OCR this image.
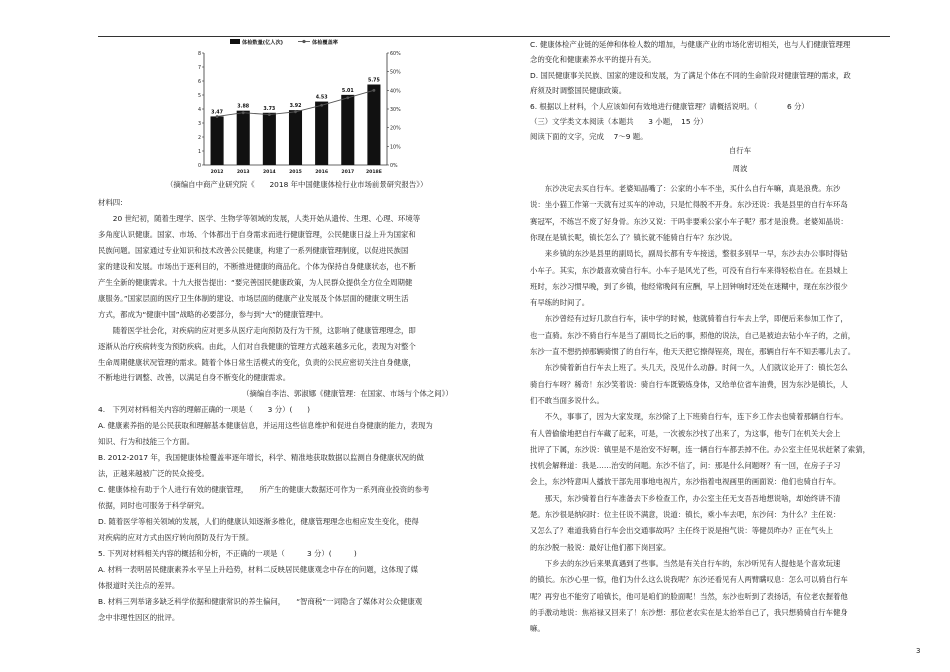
0
1
2
3
4
5
6
7
8
0%
10%
20%
30%
40%
50%
60%
3.47
2012
3.88
2013
3.73
2014
3.92
2015
4.53
2016
5.01
2017
5.75
2018E
体检数量(亿人次)	体检覆盖率
（摘编自中商产业研究院《　　2018 年中国健康体检行业市场前景研究报告》）
材料四:
　　20 世纪初，随着生理学、医学、生物学等领域的发展，人类开始从遗传、生理、心理、环境等
多角度认识健康。国家、市场、个体都出于自身需求而进行健康管理，公民健康日益上升为国家和
民族问题。国家通过专业知识和技术改善公民健康，构建了一系列健康管理制度，以促进民族国
家的建设和发展。市场出于逐利目的，不断推进健康的商品化。个体为保持自身健康状态，也不断
产生全新的健康需求。十九大报告提出：“要完善国民健康政策，为人民群众提供全方位全周期健
康服务。”国家层面的医疗卫生体制的建设、市场层面的健康产业发展及个体层面的健康文明生活
方式，都成为“健康中国”战略的必要部分，参与到“大”的健康管理中。
　　随着医学社会化，对疾病的应对更多从医疗走向预防及行为干预，这影响了健康管理理念，即
逐渐从治疗疾病转变为预防疾病。由此，人们对自我健康的管理方式越来越多元化，表现为对整个
生命周期健康状况管理的需求。随着个体日常生活模式的变化，负责的公民应密切关注自身健康，
不断地进行调整、改善，以满足自身不断变化的健康需求。
　　　　　　　　　　　　　　　　　　　　（摘编自李洁、郭淑娜《健康管理：在国家、市场与个体之间》）
4.　下列对材料相关内容的理解正确的一项是（　　3 分）(　　)
A. 健康素养指的是公民获取和理解基本健康信息，并运用这些信息维护和促进自身健康的能力，表现为
知识、行为和技能三个方面。
B. 2012-2017 年，我国健康体检覆盖率逐年增长，科学、精准地获取数据以监测自身健康状况的做
法，正越来越被广泛的民众接受。
C. 健康体检有助于个人进行有效的健康管理，　　所产生的健康大数据还可作为一系列商业投资的参考
依据，同时也可服务于科学研究。
D. 随着医学等相关领域的发展，人们的健康认知逐渐多维化，健康管理理念也相应发生变化，使得
对疾病的应对方式由医疗转向预防及行为干预。
5. 下列对材料相关内容的概括和分析，不正确的一项是（　　　3 分）(　　　)
A. 材料一表明居民健康素养水平呈上升趋势，材料二反映居民健康观念中存在的问题，这体现了媒
体报道时关注点的差异。
B. 材料三列举诸多缺乏科学依据和健康常识的养生偏问，　　“智商税”一词隐含了媒体对公众健康观
念中非理性因区的批评。
C. 健康体检产业链的延伸和体检人数的增加，与健康产业的市场化密切相关，也与人们健康管理理
念的变化和健康素养水平的提升有关。
D. 国民健康事关民族、国家的建设和发展，为了满足个体在不同的生命阶段对健康管理的需求，政
府须及时调整国民健康政策。
6. 根据以上材料，个人应该如何有效地进行健康管理？请概括说明。（　　　　6 分）
（三）文学类文本阅读（本题共　　3 小题，　15 分）
阅读下面的文字，完成　 7～9 题。
自行车
周波
　　东沙决定去买自行车。老婆知晶嘴了：公家的小车不坐，买什么自行车嘛，真是浪费。东沙
说：坐小猫工作第一天就有过买车的冲动，只是忙得脱不开身。东沙还说：我是县里的自行车环岛
赛冠军，不练岂不废了好身骨。东沙又说：干吗非要乘公家小车子呢？那才是浪费。老婆知晶说：
你现在是镇长呢，镇长怎么了？镇长就不能骑自行车？东沙说。
　　来乡镇的东沙是县里的副局长，副局长都有专车接送，整很多别早一早，东沙去办公事时得钻
小车子。其实，东沙最喜欢骑自行车。小车子是风光了些，可没有自行车来得轻松自在。在县城上
班时，东沙习惯早晚，到了乡镇，他经常晚间有应酬，早上回钟响时还处在迷糊中，现在东沙很少
有早练的时间了。
　　东沙曾经有过好几款自行车，读中学的时候，他就骑着自行车去上学，即便后来参加工作了，
也一直骑。东沙不骑自行车是当了副局长之后的事，照他的说法，自己是被迫去钻小车子的，之前，
东沙一直不想扔掉那辆骑惯了的自行车，他天天把它擦得锃亮，现在，那辆自行车不知丢哪儿去了。
　　东沙骑着新自行车去上班了。头几天，没见什么动静。时间一久，人们就议论开了：镇长怎么
骑自行车呀？稀奇！东沙笑着说：骑自行车既锻炼身体，又给单位省车油费，因为东沙是镇长，人
们不敢当面多说什么。
　　不久，事事了，因为大家发现，东沙除了上下班骑自行车，连下乡工作去也骑着那辆自行车。
有人曾偷偷地把自行车藏了起来，可是，一次被东沙找了出来了，为这事，他专门在机关大会上
批评了下属，东沙说：镇里是不是治安不好啊，连一辆自行车都丢掉不住。办公室主任见状赶紧了索猜，
找机会解释道：我是……治安的问题。东沙不信了，问：那是什么问题呀？有一回，在房子子习
会上，东沙特意叫人播放干部先用事地电视片，东沙指着电视画里的画面说：他们也骑自行车。
　　那天，东沙骑着自行车准备去下乡检查工作，办公室主任无支吾吾地想说啥，却始终讲不清
楚。东沙很是纳闷时：位主任说不满意，说道：镇长，乘小车去吧，东沙问：为什么？主任说：
又怎么了？难道我骑自行车会出交通事故吗？主任终于说是抱气说：等健员昨办？正在气头上
的东沙脱一般说：最好让他们都下岗回家。
　　下乡去的东沙后来果真遇到了些事。当然是有关自行车的，东沙听见有人提他是个喜欢玩速
的镇长。东沙心里一惊，他们为什么这么说我呢？东沙还看见有人两臂瞒叹息：怎么可以骑自行车
呢？再穷也不能穷了咱镇长，他可是咱们的脸面呢！当然，东沙也听到了表扬话，有位老农握着他
的手激动地说：焦裕禄又回来了！东沙想：那位老农实在是太抬举自己了，我只想骑骑自行车健身
嘛。
3
